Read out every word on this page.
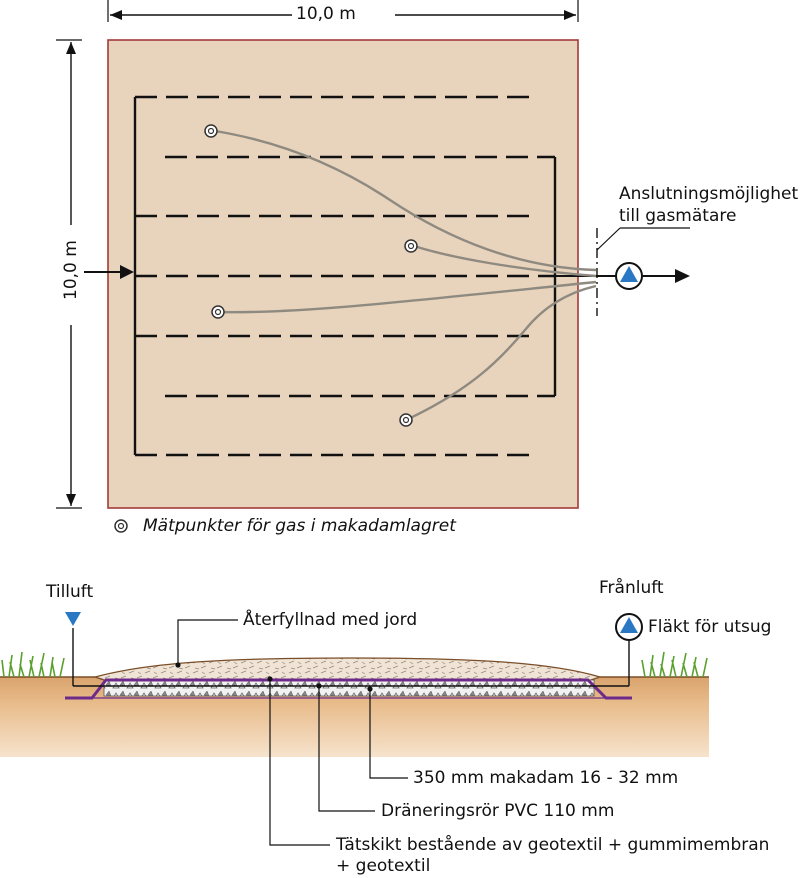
10,0 m
10,0 m
Anslutningsmöjlighet
till gasmätare
Mätpunkter för gas i makadamlagret
Tilluft	Frånluft
Fläkt för utsug
Återfyllnad med jord
350 mm makadam 16 - 32 mm
Dräneringsrör PVC 110 mm
Tätskikt bestående av geotextil + gummimembran
+ geotextil
